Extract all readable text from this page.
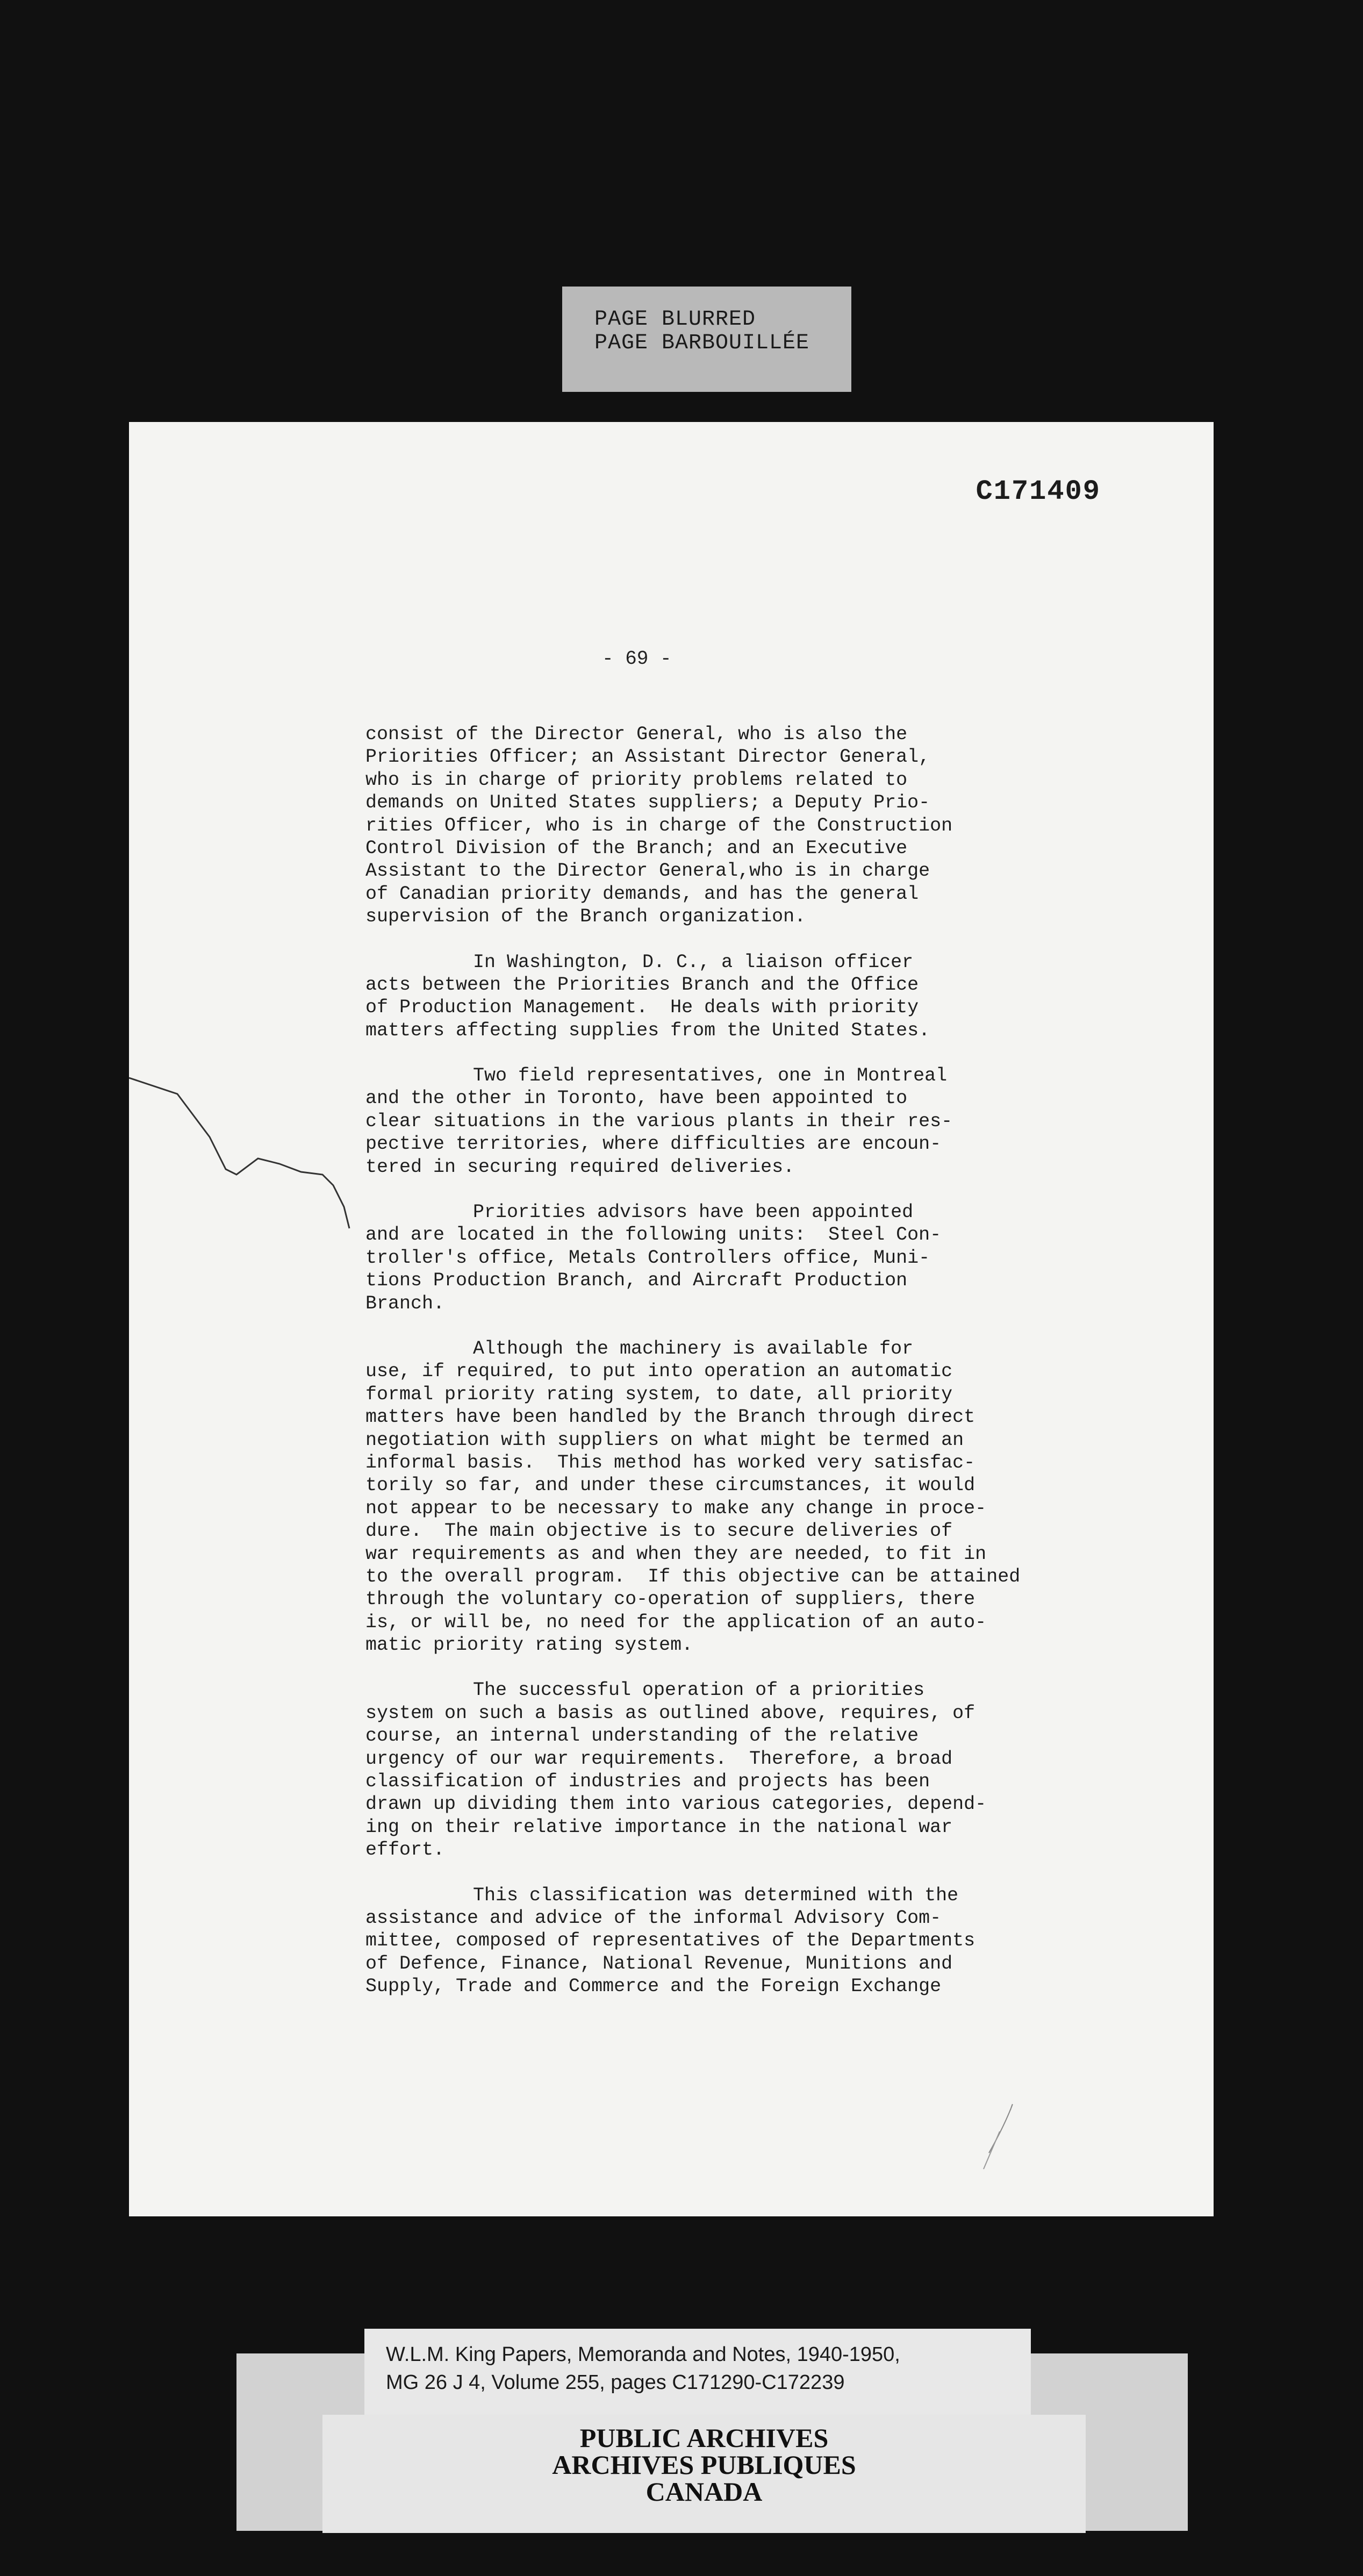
PAGE BLURRED
PAGE BARBOUILLÉE
C171409
- 69 -
consist of the Director General, who is also the
Priorities Officer; an Assistant Director General,
who is in charge of priority problems related to
demands on United States suppliers; a Deputy Prio-
rities Officer, who is in charge of the Construction
Control Division of the Branch; and an Executive
Assistant to the Director General,who is in charge
of Canadian priority demands, and has the general
supervision of the Branch organization.
In Washington, D. C., a liaison officer
acts between the Priorities Branch and the Office
of Production Management.  He deals with priority
matters affecting supplies from the United States.
Two field representatives, one in Montreal
and the other in Toronto, have been appointed to
clear situations in the various plants in their res-
pective territories, where difficulties are encoun-
tered in securing required deliveries.
Priorities advisors have been appointed
and are located in the following units:  Steel Con-
troller's office, Metals Controllers office, Muni-
tions Production Branch, and Aircraft Production
Branch.
Although the machinery is available for
use, if required, to put into operation an automatic
formal priority rating system, to date, all priority
matters have been handled by the Branch through direct
negotiation with suppliers on what might be termed an
informal basis.  This method has worked very satisfac-
torily so far, and under these circumstances, it would
not appear to be necessary to make any change in proce-
dure.  The main objective is to secure deliveries of
war requirements as and when they are needed, to fit in
to the overall program.  If this objective can be attained
through the voluntary co-operation of suppliers, there
is, or will be, no need for the application of an auto-
matic priority rating system.
The successful operation of a priorities
system on such a basis as outlined above, requires, of
course, an internal understanding of the relative
urgency of our war requirements.  Therefore, a broad
classification of industries and projects has been
drawn up dividing them into various categories, depend-
ing on their relative importance in the national war
effort.
This classification was determined with the
assistance and advice of the informal Advisory Com-
mittee, composed of representatives of the Departments
of Defence, Finance, National Revenue, Munitions and
Supply, Trade and Commerce and the Foreign Exchange
PUBLIC ARCHIVES
ARCHIVES PUBLIQUES
CANADA
W.L.M. King Papers, Memoranda and Notes, 1940-1950,
MG 26 J 4, Volume 255, pages C171290-C172239
